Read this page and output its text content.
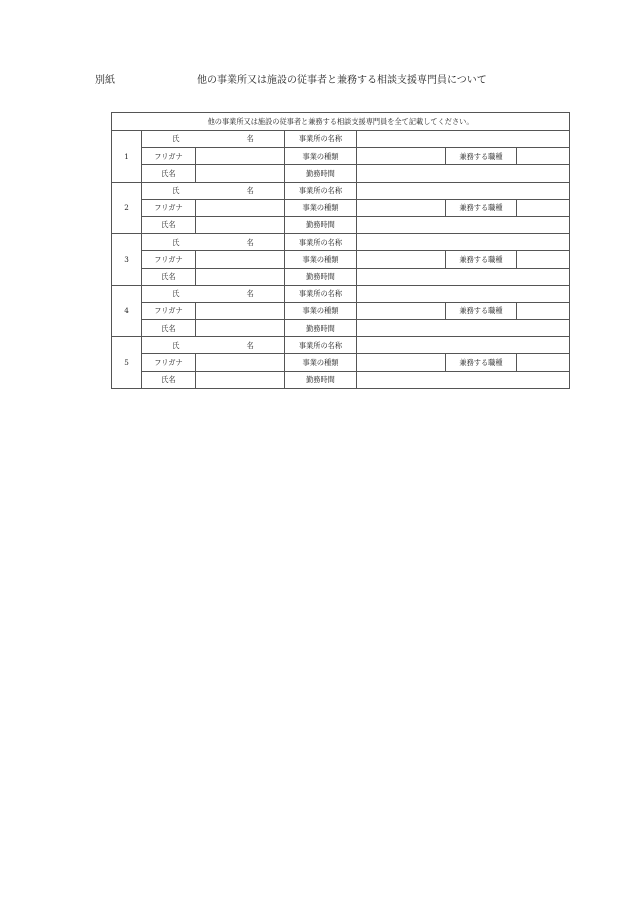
別紙	他の事業所又は施設の従事者と兼務する相談支援専門員について
他の事業所又は施設の従事者と兼務する相談支援専門員を全て記載してください。						
1	氏　名		事業所の名称			
	フリガナ		事業の種類		兼務する職種	
	氏名		勤務時間			
2	氏　名		事業所の名称			
	フリガナ		事業の種類		兼務する職種	
	氏名		勤務時間			
3	氏　名		事業所の名称			
	フリガナ		事業の種類		兼務する職種	
	氏名		勤務時間			
4	氏　名		事業所の名称			
	フリガナ		事業の種類		兼務する職種	
	氏名		勤務時間			
5	氏　名		事業所の名称			
	フリガナ		事業の種類		兼務する職種	
	氏名		勤務時間			
